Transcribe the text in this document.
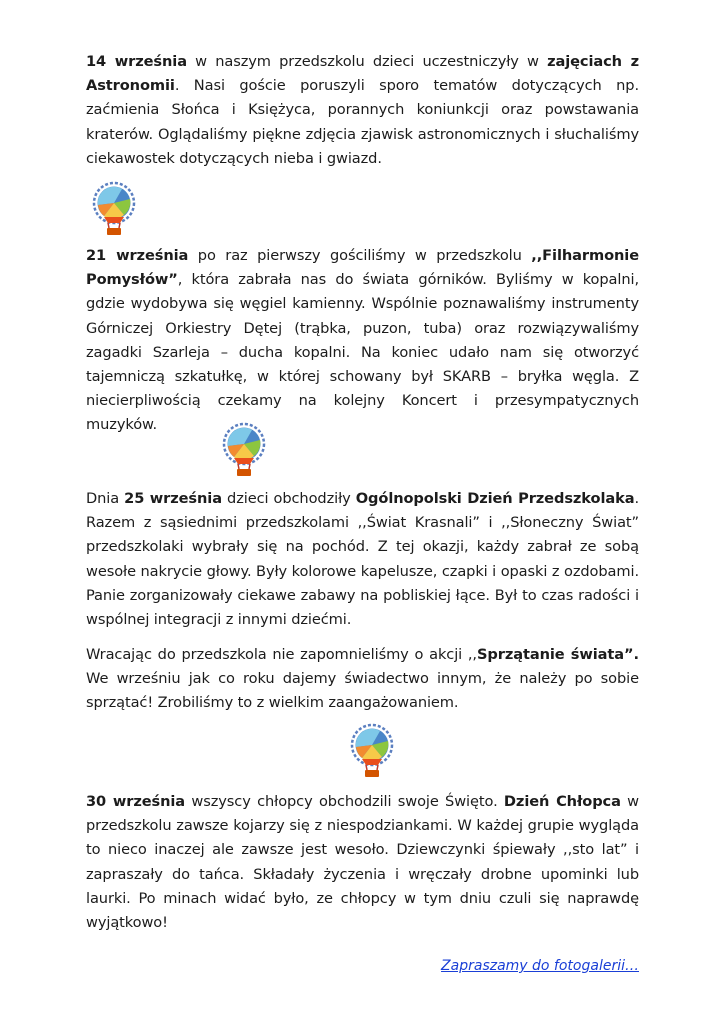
14 września w naszym przedszkolu dzieci uczestniczyły w zajęciach z Astronomii. Nasi goście poruszyli sporo tematów dotyczących np. zaćmienia Słońca i Księżyca, porannych koniunkcji oraz powstawania kraterów. Oglądaliśmy piękne zdjęcia zjawisk astronomicznych i słuchaliśmy ciekawostek dotyczących nieba i gwiazd.

21 września po raz pierwszy gościliśmy w przedszkolu ,,Filharmonie Pomysłów”, która zabrała nas do świata górników. Byliśmy w kopalni, gdzie wydobywa się węgiel kamienny. Wspólnie poznawaliśmy instrumenty Górniczej Orkiestry Dętej (trąbka, puzon, tuba) oraz rozwiązywaliśmy zagadki Szarleja – ducha kopalni. Na koniec udało nam się otworzyć tajemniczą szkatułkę, w której schowany był SKARB – bryłka węgla. Z niecierpliwością czekamy na kolejny Koncert i przesympatycznych muzyków.

Dnia 25 września dzieci obchodziły Ogólnopolski Dzień Przedszkolaka. Razem z sąsiednimi przedszkolami ,,Świat Krasnali” i ,,Słoneczny Świat” przedszkolaki wybrały się na pochód. Z tej okazji, każdy zabrał ze sobą wesołe nakrycie głowy. Były kolorowe kapelusze, czapki i opaski z ozdobami. Panie zorganizowały ciekawe zabawy na pobliskiej łące. Był to czas radości i wspólnej integracji z innymi dziećmi.

Wracając do przedszkola nie zapomnieliśmy o akcji ,,Sprzątanie świata”. We wrześniu jak co roku dajemy świadectwo innym, że należy po sobie sprzątać! Zrobiliśmy to z wielkim zaangażowaniem.

30 września wszyscy chłopcy obchodzili swoje Święto. Dzień Chłopca w przedszkolu zawsze kojarzy się z niespodziankami. W każdej grupie wygląda to nieco inaczej ale zawsze jest wesoło. Dziewczynki śpiewały ,,sto lat” i zapraszały do tańca. Składały życzenia i wręczały drobne upominki lub laurki. Po minach widać było, ze chłopcy w tym dniu czuli się naprawdę wyjątkowo!

Zapraszamy do fotogalerii…
